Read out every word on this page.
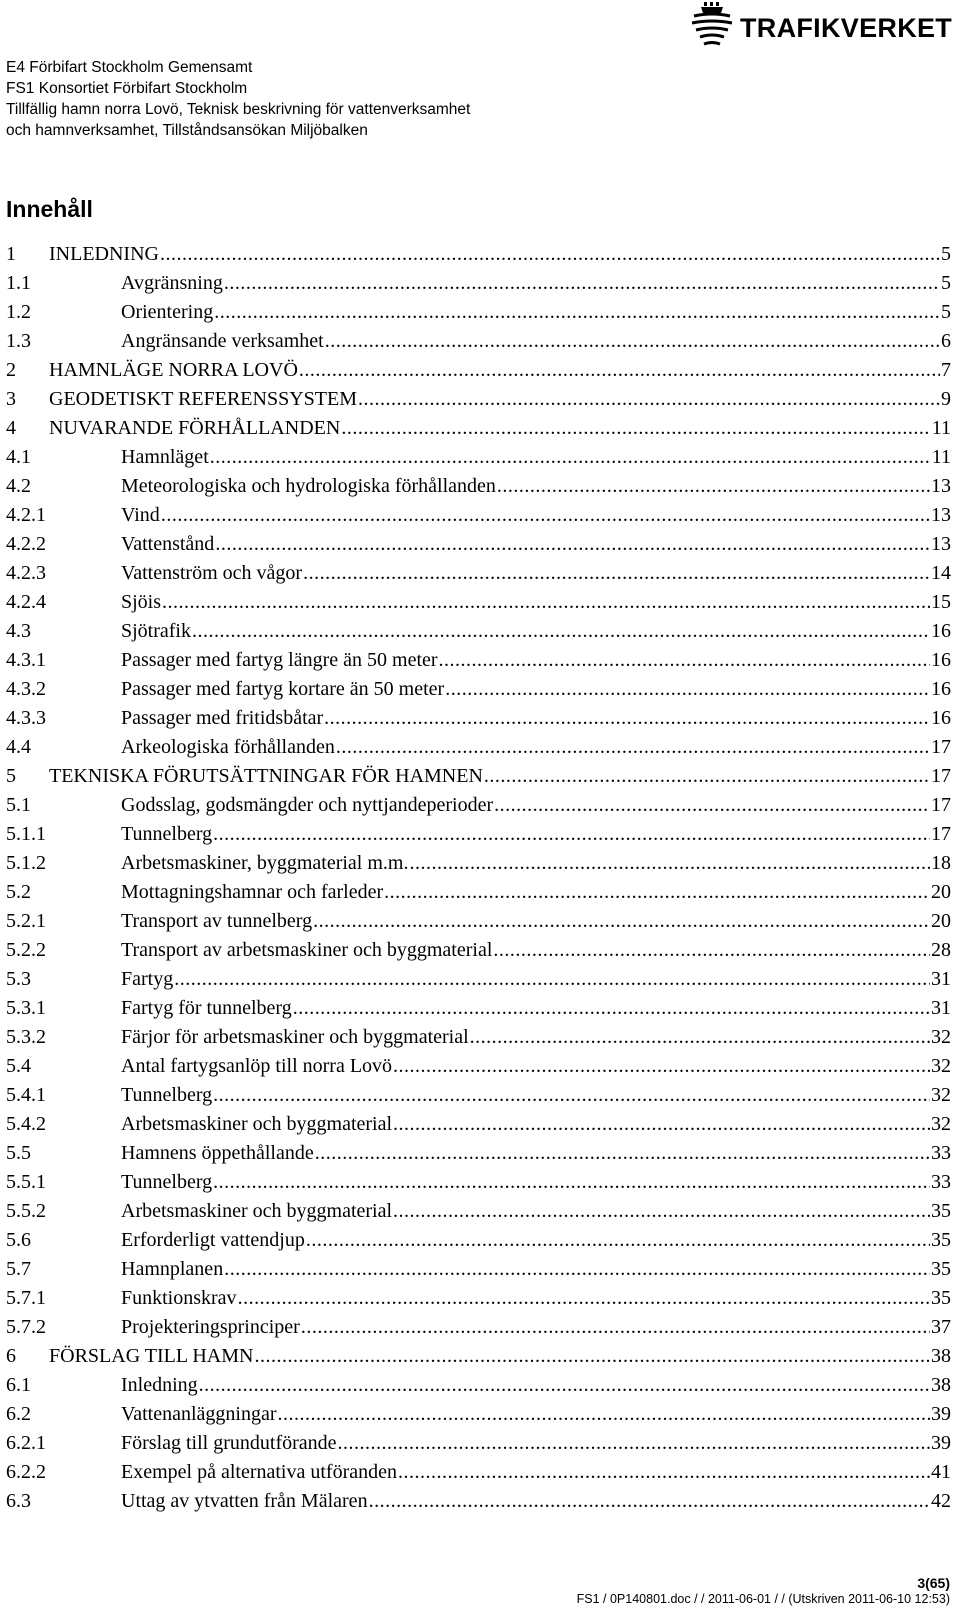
TRAFIKVERKET
E4 Förbifart Stockholm Gemensamt
FS1 Konsortiet Förbifart Stockholm
Tillfällig hamn norra Lovö, Teknisk beskrivning för vattenverksamhet
och hamnverksamhet, Tillståndsansökan Miljöbalken
Innehåll
1	INLEDNING .....	5
1.1	Avgränsning .....	5
1.2	Orientering .....	5
1.3	Angränsande verksamhet .....	6
2	HAMNLÄGE NORRA LOVÖ .....	7
3	GEODETISKT REFERENSSYSTEM .....	9
4	NUVARANDE FÖRHÅLLANDEN .....	11
4.1	Hamnläget .....	11
4.2	Meteorologiska och hydrologiska förhållanden .....	13
4.2.1	Vind .....	13
4.2.2	Vattenstånd .....	13
4.2.3	Vattenström och vågor .....	14
4.2.4	Sjöis .....	15
4.3	Sjötrafik .....	16
4.3.1	Passager med fartyg längre än 50 meter .....	16
4.3.2	Passager med fartyg kortare än 50 meter .....	16
4.3.3	Passager med fritidsbåtar .....	16
4.4	Arkeologiska förhållanden .....	17
5	TEKNISKA FÖRUTSÄTTNINGAR FÖR HAMNEN .....	17
5.1	Godsslag, godsmängder och nyttjandeperioder .....	17
5.1.1	Tunnelberg .....	17
5.1.2	Arbetsmaskiner, byggmaterial m.m. .....	18
5.2	Mottagningshamnar och farleder .....	20
5.2.1	Transport av tunnelberg .....	20
5.2.2	Transport av arbetsmaskiner och byggmaterial .....	28
5.3	Fartyg .....	31
5.3.1	Fartyg för tunnelberg .....	31
5.3.2	Färjor för arbetsmaskiner och byggmaterial .....	32
5.4	Antal fartygsanlöp till norra Lovö .....	32
5.4.1	Tunnelberg .....	32
5.4.2	Arbetsmaskiner och byggmaterial .....	32
5.5	Hamnens öppethållande .....	33
5.5.1	Tunnelberg .....	33
5.5.2	Arbetsmaskiner och byggmaterial .....	35
5.6	Erforderligt vattendjup .....	35
5.7	Hamnplanen .....	35
5.7.1	Funktionskrav .....	35
5.7.2	Projekteringsprinciper .....	37
6	FÖRSLAG TILL HAMN .....	38
6.1	Inledning .....	38
6.2	Vattenanläggningar .....	39
6.2.1	Förslag till grundutförande .....	39
6.2.2	Exempel på alternativa utföranden .....	41
6.3	Uttag av ytvatten från Mälaren .....	42
3(65)
FS1 / 0P140801.doc / / 2011-06-01 / / (Utskriven 2011-06-10 12:53)
